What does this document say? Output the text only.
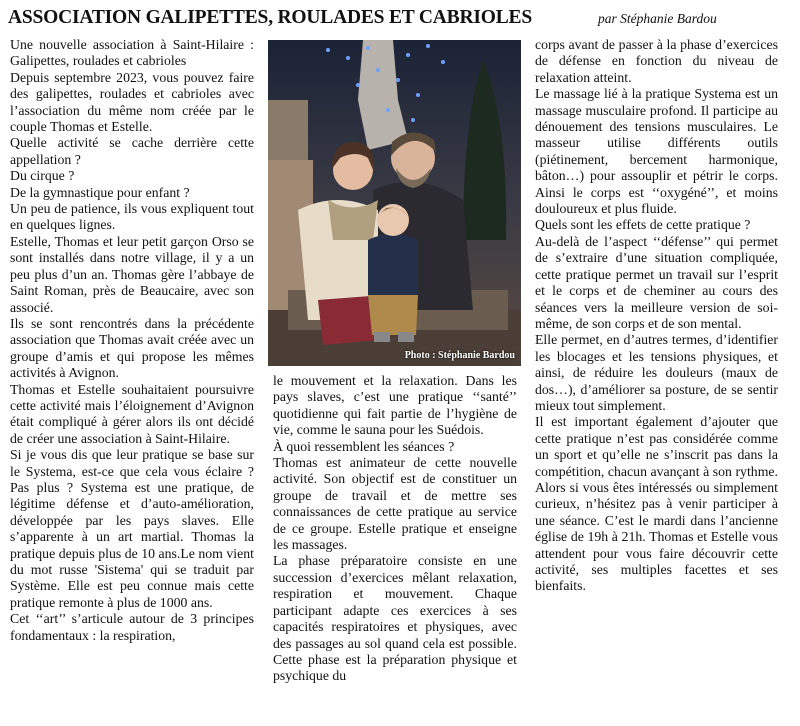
ASSOCIATION GALIPETTES, ROULADES ET CABRIOLES	par Stéphanie Bardou

Une nouvelle association à Saint-Hilaire : Galipettes, roulades et cabrioles

Depuis septembre 2023, vous pouvez faire des galipettes, roulades et cabrioles avec l’association du même nom créée par le couple Thomas et Estelle.

Quelle activité se cache derrière cette appellation ?

Du cirque ?

De la gymnastique pour enfant ?

Un peu de patience, ils vous expliquent tout en quelques lignes.

Estelle, Thomas et leur petit garçon Orso se sont installés dans notre village, il y a un peu plus d’un an. Thomas gère l’abbaye de Saint Roman, près de Beaucaire, avec son associé.

Ils se sont rencontrés dans la précédente association que Thomas avait créée avec un groupe d’amis et qui propose les mêmes activités à Avignon.

Thomas et Estelle souhaitaient poursuivre cette activité mais l’éloignement d’Avignon était compliqué à gérer alors ils ont décidé de créer une association à Saint-Hilaire.

Si je vous dis que leur pratique se base sur le Systema, est-ce que cela vous éclaire ? Pas plus ? Systema est une pratique, de légitime défense et d’auto-amélioration, développée par les pays slaves. Elle s’apparente à un art martial. Thomas la pratique depuis plus de 10 ans.Le nom vient du mot russe 'Sistema' qui se traduit par Système. Elle est peu connue mais cette pratique remonte à plus de 1000 ans.

Cet ‘‘art’’ s’articule autour de 3 principes fondamentaux : la respiration,

Photo : Stéphanie Bardou

le mouvement et la relaxation. Dans les pays slaves, c’est une pratique ‘‘santé’’ quotidienne qui fait partie de l’hygiène de vie, comme le sauna pour les Suédois.

À quoi ressemblent les séances ?

Thomas est animateur de cette nouvelle activité. Son objectif est de constituer un groupe de travail et de mettre ses connaissances de cette pratique au service de ce groupe. Estelle pratique et enseigne les massages.

La phase préparatoire consiste en une succession d’exercices mêlant relaxation, respiration et mouvement. Chaque participant adapte ces exercices à ses capacités respiratoires et physiques, avec des passages au sol quand cela est possible. Cette phase est la préparation physique et psychique du

corps avant de passer à la phase d’exercices de défense en fonction du niveau de relaxation atteint.

Le massage lié à la pratique Systema est un massage musculaire profond. Il participe au dénouement des tensions musculaires. Le masseur utilise différents outils (piétinement, bercement harmonique, bâton…) pour assouplir et pétrir le corps. Ainsi le corps est ‘‘oxygéné’’, et moins douloureux et plus fluide.

Quels sont les effets de cette pratique ?

Au-delà de l’aspect ‘‘défense’’ qui permet de s’extraire d’une situation compliquée, cette pratique permet un travail sur l’esprit et le corps et de cheminer au cours des séances vers la meilleure version de soi-même, de son corps et de son mental.

Elle permet, en d’autres termes, d’identifier les blocages et les tensions physiques, et ainsi, de réduire les douleurs (maux de dos…), d’améliorer sa posture, de se sentir mieux tout simplement.

Il est important également d’ajouter que cette pratique n’est pas considérée comme un sport et qu’elle ne s’inscrit pas dans la compétition, chacun avançant à son rythme. Alors si vous êtes intéressés ou simplement curieux, n’hésitez pas à venir participer à une séance. C’est le mardi dans l’ancienne église de 19h à 21h. Thomas et Estelle vous attendent pour vous faire découvrir cette activité, ses multiples facettes et ses bienfaits.
